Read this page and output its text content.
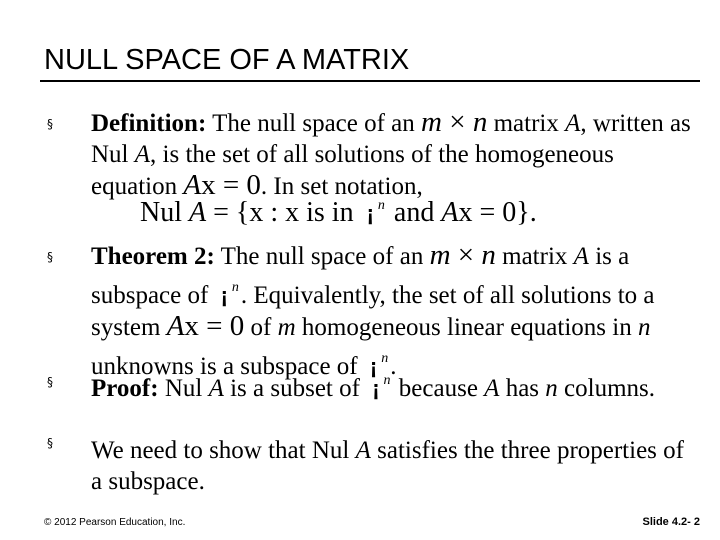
NULL SPACE OF A MATRIX
§ Definition: The null space of an m × n matrix A, written as Nul A, is the set of all solutions of the homogeneous equation Ax = 0. In set notation,
Nul A = {x : x is in ¡ $^n$ and Ax = 0}.
§ Theorem 2: The null space of an m × n matrix A is a subspace of ¡ $^n$. Equivalently, the set of all solutions to a system Ax = 0 of m homogeneous linear equations in n unknowns is a subspace of ¡ $^n$.
§ Proof: Nul A is a subset of ¡ $^n$ because A has n columns.
§ We need to show that Nul A satisfies the three properties of a subspace.
© 2012 Pearson Education, Inc.	Slide 4.2- 2
